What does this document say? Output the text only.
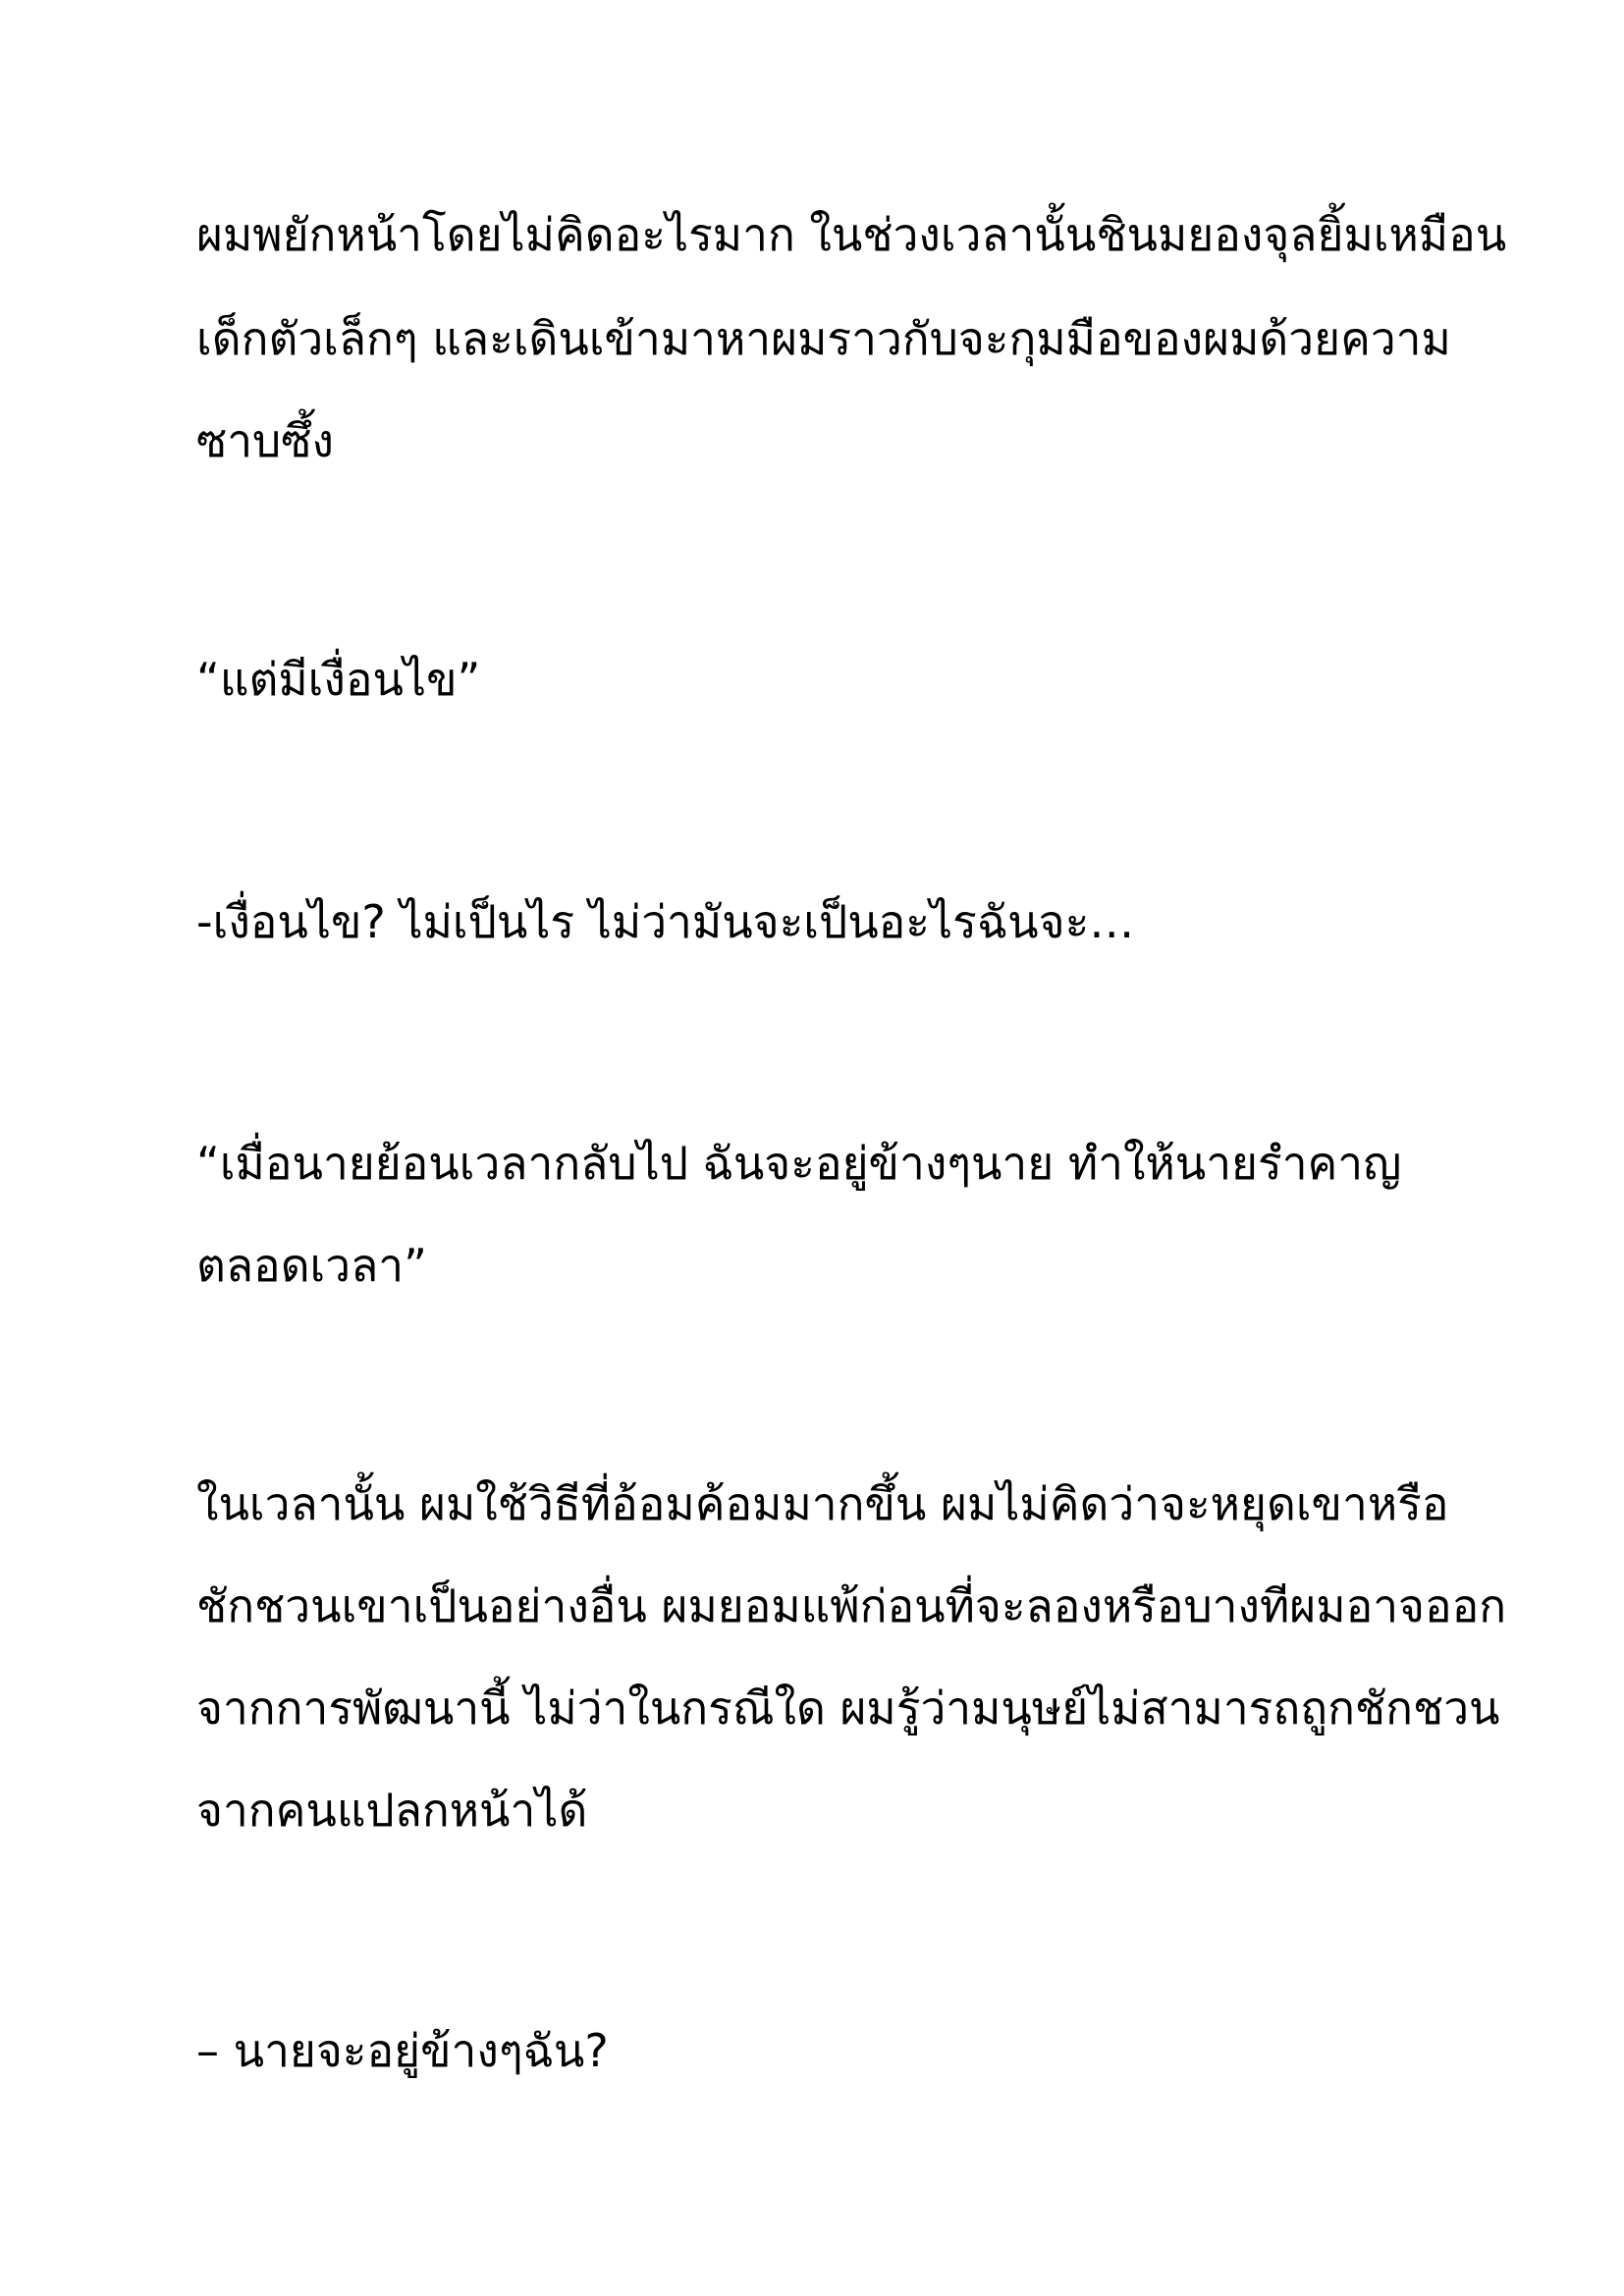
ผมพยักหน้าโดยไม่คิดอะไรมาก ในช่วงเวลานั้นชินมยองจุลยิ้มเหมือน

เด็กตัวเล็กๆ และเดินเข้ามาหาผมราวกับจะกุมมือของผมด้วยความ

ซาบซึ้ง

“แต่มีเงื่อนไข”

-เงื่อนไข? ไม่เป็นไร ไม่ว่ามันจะเป็นอะไรฉันจะ…

“เมื่อนายย้อนเวลากลับไป ฉันจะอยู่ข้างๆนาย ทำให้นายรำคาญ

ตลอดเวลา”

ในเวลานั้น ผมใช้วิธีที่อ้อมค้อมมากขึ้น ผมไม่คิดว่าจะหยุดเขาหรือ

ชักชวนเขาเป็นอย่างอื่น ผมยอมแพ้ก่อนที่จะลองหรือบางทีผมอาจออก

จากการพัฒนานี้ ไม่ว่าในกรณีใด ผมรู้ว่ามนุษย์ไม่สามารถถูกชักชวน

จากคนแปลกหน้าได้

– นายจะอยู่ข้างๆฉัน?
